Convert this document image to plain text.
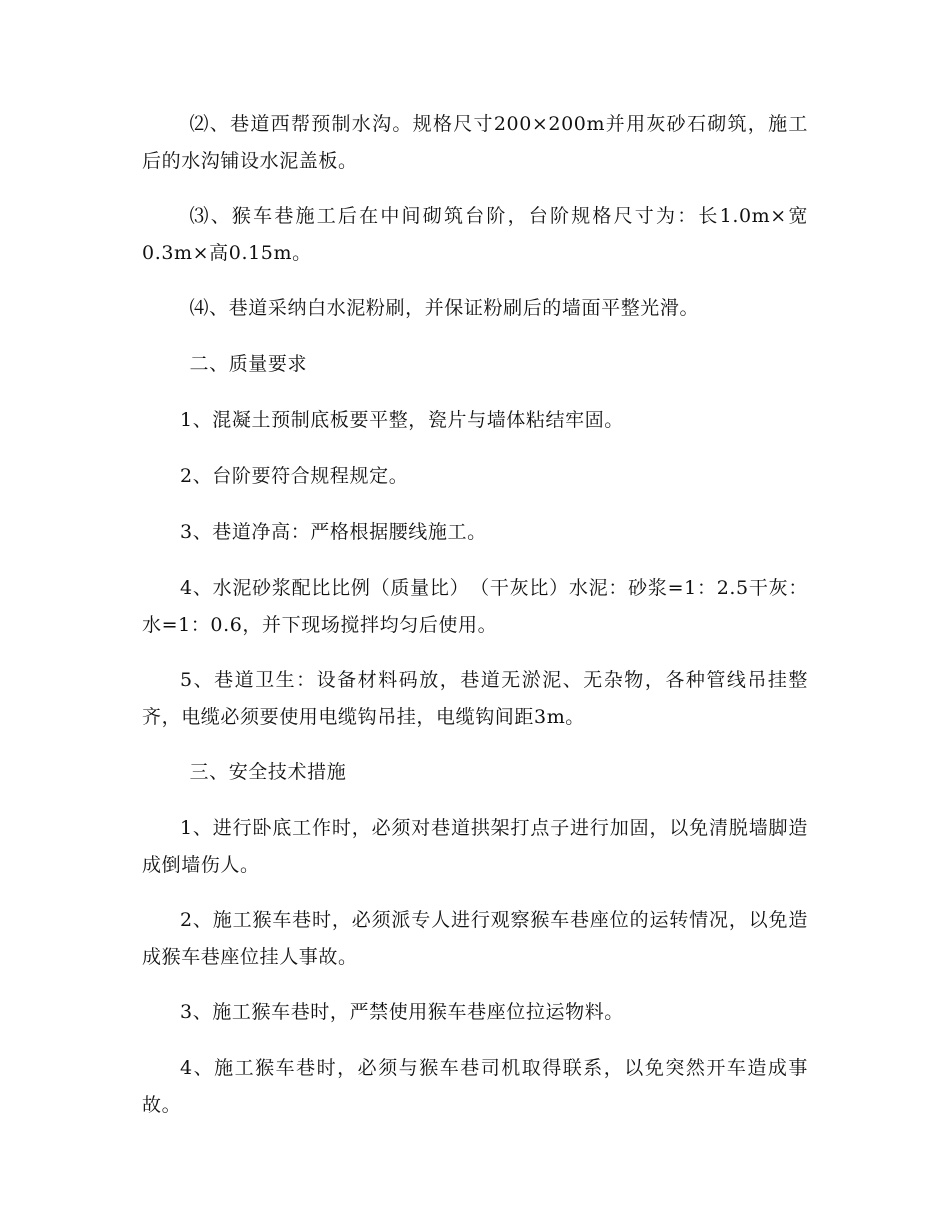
⑵、巷道西帮预制水沟。规格尺寸200×200m并用灰砂石砌筑，施工后的水沟铺设水泥盖板。

⑶、猴车巷施工后在中间砌筑台阶，台阶规格尺寸为：长1.0m×宽0.3m×高0.15m。

⑷、巷道采纳白水泥粉刷，并保证粉刷后的墙面平整光滑。

二、质量要求

1、混凝土预制底板要平整，瓷片与墙体粘结牢固。

2、台阶要符合规程规定。

3、巷道净高：严格根据腰线施工。

4、水泥砂浆配比比例（质量比）　（干灰比）水泥：砂浆=1：2.5干灰：水=1：0.6，并下现场搅拌均匀后使用。

5、巷道卫生：设备材料码放，巷道无淤泥、无杂物，各种管线吊挂整齐，电缆必须要使用电缆钩吊挂，电缆钩间距3m。

三、安全技术措施

1、进行卧底工作时，必须对巷道拱架打点子进行加固，以免清脱墙脚造成倒墙伤人。

2、施工猴车巷时，必须派专人进行观察猴车巷座位的运转情况，以免造成猴车巷座位挂人事故。

3、施工猴车巷时，严禁使用猴车巷座位拉运物料。

4、施工猴车巷时，必须与猴车巷司机取得联系，以免突然开车造成事故。
